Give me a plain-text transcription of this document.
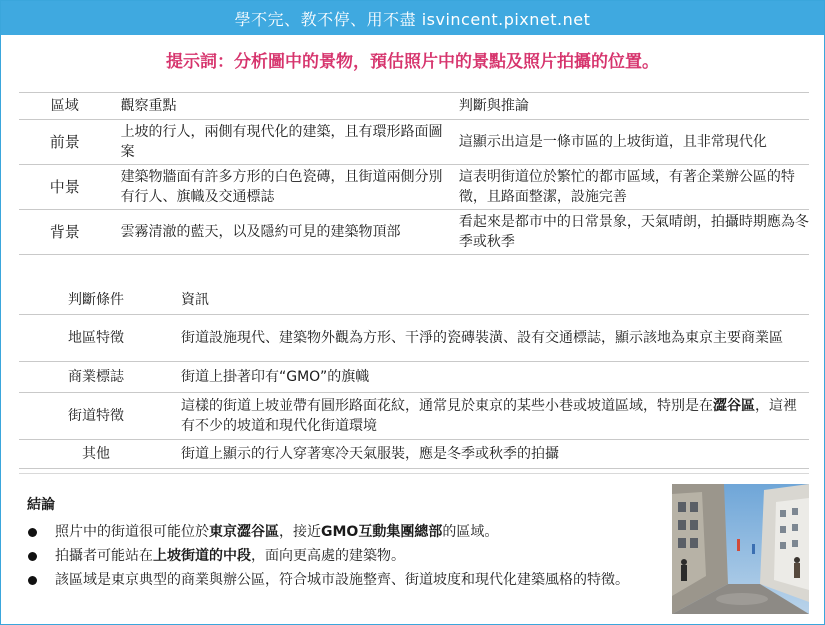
學不完、教不停、用不盡 isvincent.pixnet.net
提示詞：分析圖中的景物，預估照片中的景點及照片拍攝的位置。
區域	觀察重點	判斷與推論
前景	上坡的行人，兩側有現代化的建築，且有環形路面圖案	這顯示出這是一條市區的上坡街道，且非常現代化
中景	建築物牆面有許多方形的白色瓷磚，且街道兩側分別有行人、旗幟及交通標誌	這表明街道位於繁忙的都市區域，有著企業辦公區的特徵，且路面整潔，設施完善
背景	雲霧清澈的藍天，以及隱約可見的建築物頂部	看起來是都市中的日常景象，天氣晴朗，拍攝時期應為冬季或秋季
判斷條件	資訊
地區特徵	街道設施現代、建築物外觀為方形、干淨的瓷磚裝潢、設有交通標誌，顯示該地為東京主要商業區
商業標誌	街道上掛著印有“GMO”的旗幟
街道特徵	這樣的街道上坡並帶有圓形路面花紋，通常見於東京的某些小巷或坡道區域，特別是在澀谷區，這裡有不少的坡道和現代化街道環境
其他	街道上顯示的行人穿著寒冷天氣服裝，應是冬季或秋季的拍攝
結論
照片中的街道很可能位於東京澀谷區，接近GMO互動集團總部的區域。
拍攝者可能站在上坡街道的中段，面向更高處的建築物。
該區域是東京典型的商業與辦公區，符合城市設施整齊、街道坡度和現代化建築風格的特徵。
